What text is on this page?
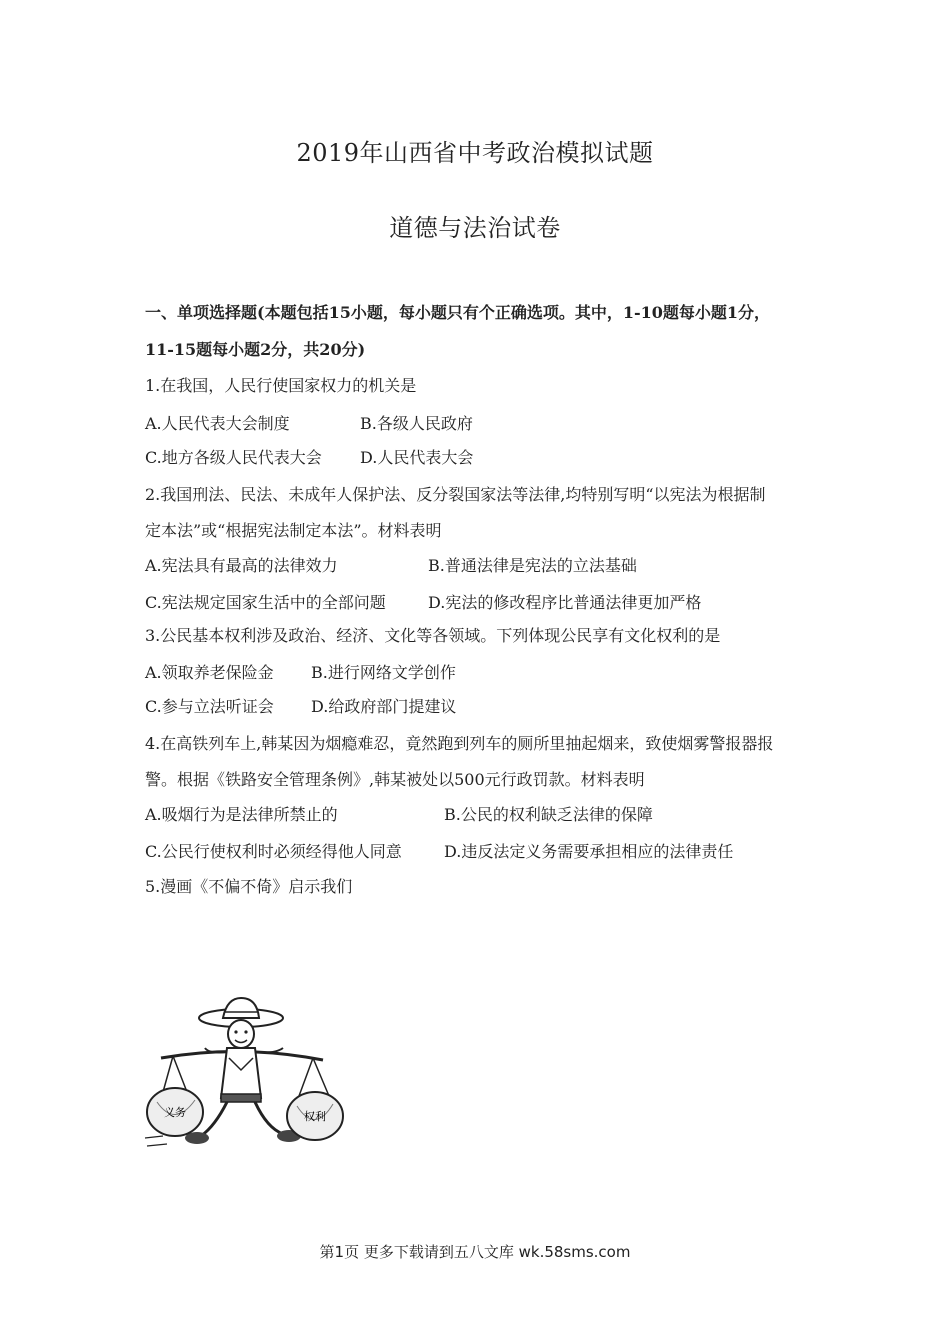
2019年山西省中考政治模拟试题
道德与法治试卷
一、单项选择题(本题包括15小题，每小题只有个正确选项。其中，1-10题每小题1分，
11-15题每小题2分，共20分)
1.在我国，人民行使国家权力的机关是
A.人民代表大会制度	B.各级人民政府
C.地方各级人民代表大会 D.人民代表大会
2.我国刑法、民法、未成年人保护法、反分裂国家法等法律,均特别写明“以宪法为根据制
定本法”或“根据宪法制定本法”。材料表明
A.宪法具有最高的法律效力	B.普通法律是宪法的立法基础
C.宪法规定国家生活中的全部问题	D.宪法的修改程序比普通法律更加严格
3.公民基本权利涉及政治、经济、文化等各领域。下列体现公民享有文化权利的是
A.领取养老保险金 B.进行网络文学创作
C.参与立法听证会 D.给政府部门提建议
4.在高铁列车上,韩某因为烟瘾难忍，竟然跑到列车的厕所里抽起烟来，致使烟雾警报器报
警。根据《铁路安全管理条例》,韩某被处以500元行政罚款。材料表明
A.吸烟行为是法律所禁止的	B.公民的权利缺乏法律的保障
C.公民行使权利时必须经得他人同意	D.违反法定义务需要承担相应的法律责任
5.漫画《不偏不倚》启示我们
义务	权利
第1页 更多下载请到五八文库 wk.58sms.com
